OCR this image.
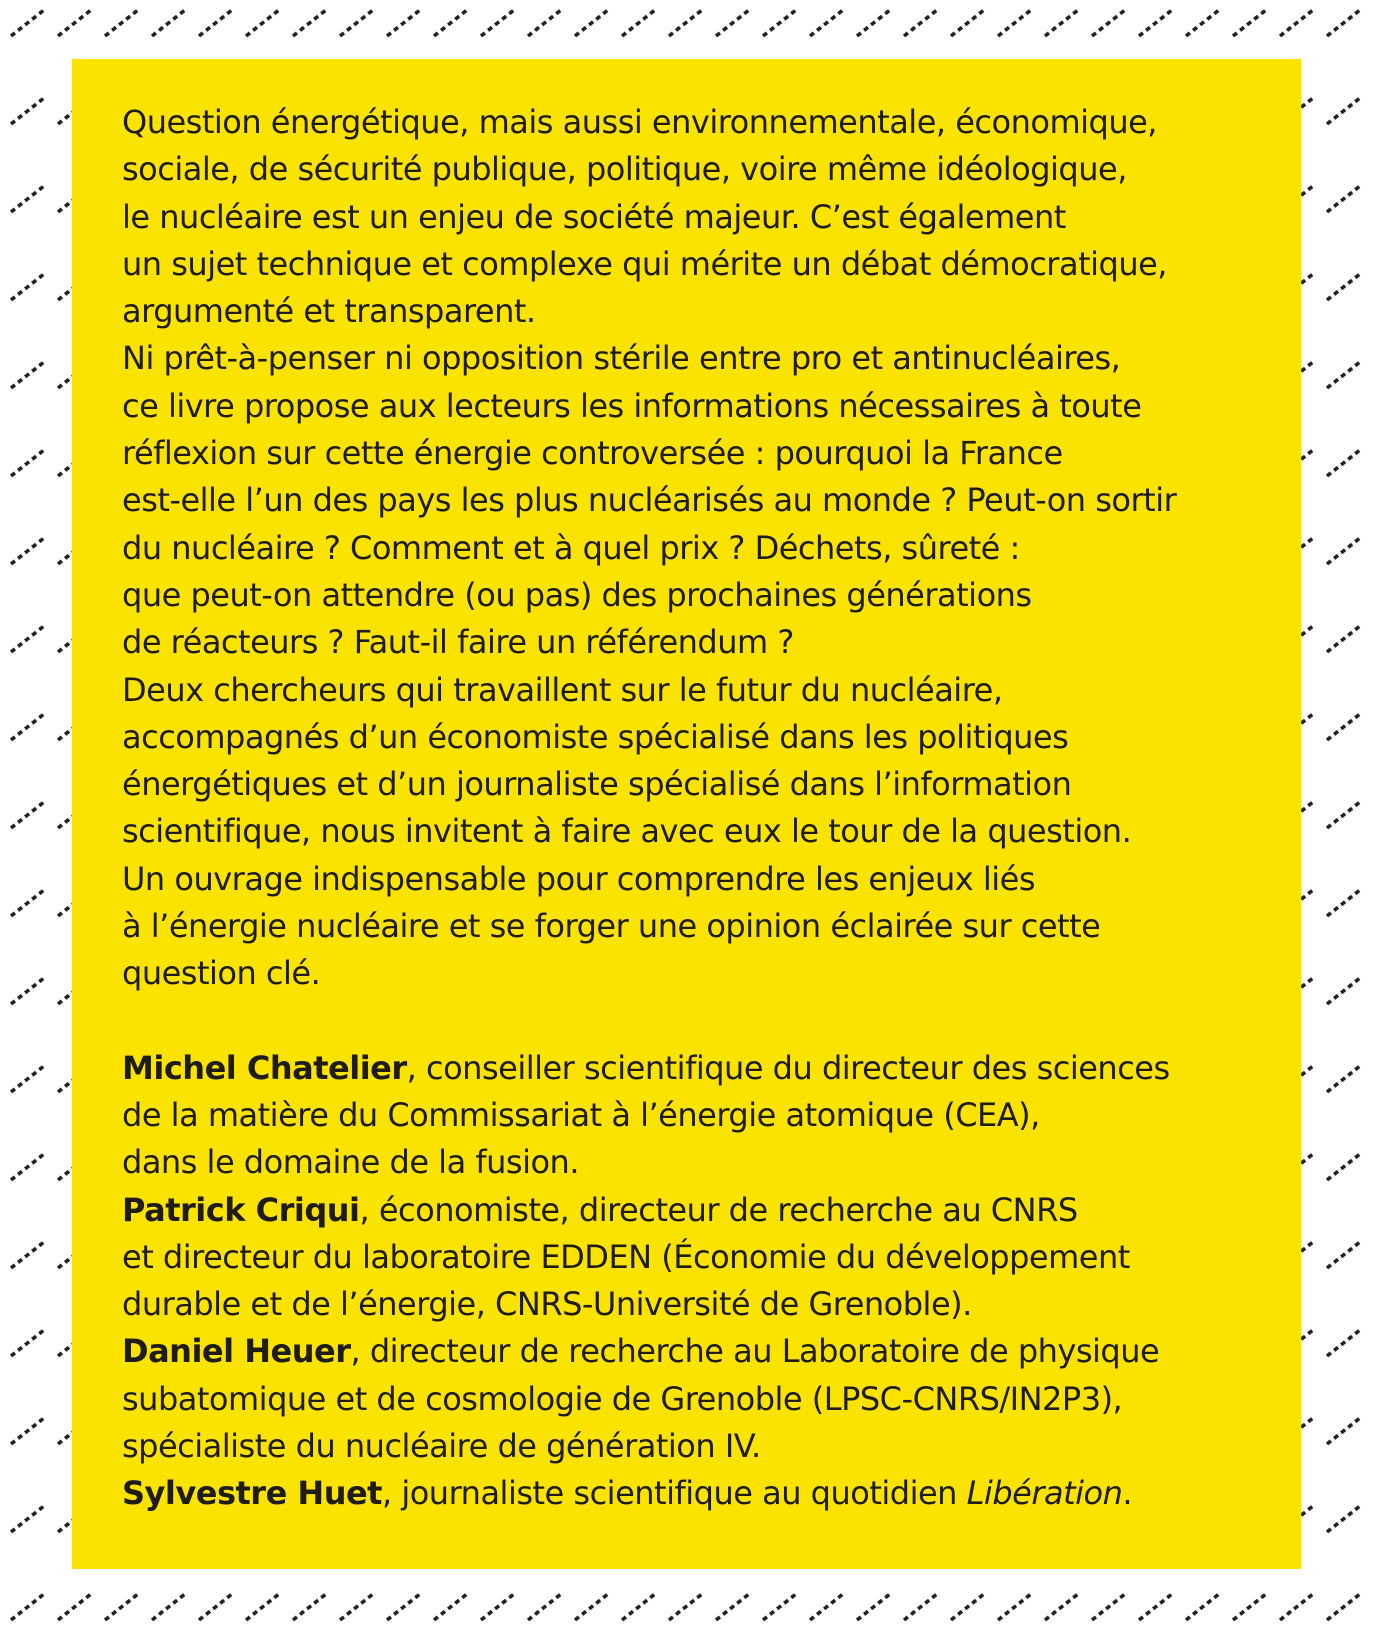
Question énergétique, mais aussi environnementale, économique,
sociale, de sécurité publique, politique, voire même idéologique,
le nucléaire est un enjeu de société majeur. C’est également
un sujet technique et complexe qui mérite un débat démocratique,
argumenté et transparent.
Ni prêt-à-penser ni opposition stérile entre pro et antinucléaires,
ce livre propose aux lecteurs les informations nécessaires à toute
réflexion sur cette énergie controversée : pourquoi la France
est-elle l’un des pays les plus nucléarisés au monde ? Peut-on sortir
du nucléaire ? Comment et à quel prix ? Déchets, sûreté :
que peut-on attendre (ou pas) des prochaines générations
de réacteurs ? Faut-il faire un référendum ?
Deux chercheurs qui travaillent sur le futur du nucléaire,
accompagnés d’un économiste spécialisé dans les politiques
énergétiques et d’un journaliste spécialisé dans l’information
scientifique, nous invitent à faire avec eux le tour de la question.
Un ouvrage indispensable pour comprendre les enjeux liés
à l’énergie nucléaire et se forger une opinion éclairée sur cette
question clé.
Michel Chatelier, conseiller scientifique du directeur des sciences
de la matière du Commissariat à l’énergie atomique (CEA),
dans le domaine de la fusion.
Patrick Criqui, économiste, directeur de recherche au CNRS
et directeur du laboratoire EDDEN (Économie du développement
durable et de l’énergie, CNRS-Université de Grenoble).
Daniel Heuer, directeur de recherche au Laboratoire de physique
subatomique et de cosmologie de Grenoble (LPSC-CNRS/IN2P3),
spécialiste du nucléaire de génération IV.
Sylvestre Huet, journaliste scientifique au quotidien Libération.
